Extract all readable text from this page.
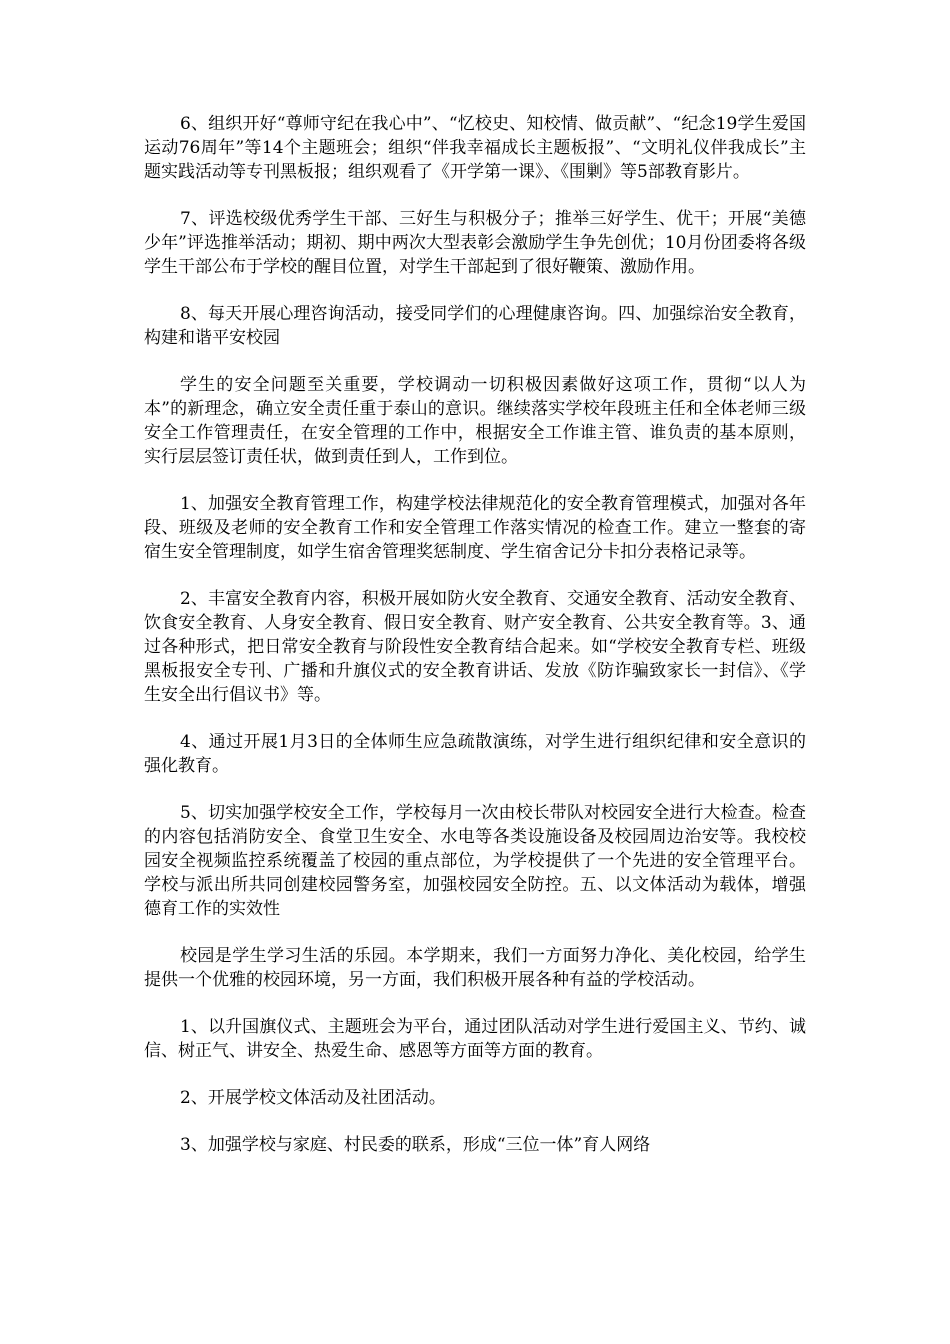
6、组织开好“尊师守纪在我心中”、“忆校史、知校情、做贡献”、“纪念19学生爱国运动76周年”等14个主题班会；组织“伴我幸福成长主题板报”、“文明礼仪伴我成长”主题实践活动等专刊黑板报；组织观看了《开学第一课》、《围剿》等5部教育影片。

7、评选校级优秀学生干部、三好生与积极分子；推举三好学生、优干；开展“美德少年”评选推举活动；期初、期中两次大型表彰会激励学生争先创优；10月份团委将各级学生干部公布于学校的醒目位置，对学生干部起到了很好鞭策、激励作用。

8、每天开展心理咨询活动，接受同学们的心理健康咨询。四、加强综治安全教育，构建和谐平安校园

学生的安全问题至关重要，学校调动一切积极因素做好这项工作，贯彻“以人为本”的新理念，确立安全责任重于泰山的意识。继续落实学校年段班主任和全体老师三级安全工作管理责任，在安全管理的工作中，根据安全工作谁主管、谁负责的基本原则，实行层层签订责任状，做到责任到人，工作到位。

1、加强安全教育管理工作，构建学校法律规范化的安全教育管理模式，加强对各年段、班级及老师的安全教育工作和安全管理工作落实情况的检查工作。建立一整套的寄宿生安全管理制度，如学生宿舍管理奖惩制度、学生宿舍记分卡扣分表格记录等。

2、丰富安全教育内容，积极开展如防火安全教育、交通安全教育、活动安全教育、饮食安全教育、人身安全教育、假日安全教育、财产安全教育、公共安全教育等。3、通过各种形式，把日常安全教育与阶段性安全教育结合起来。如“学校安全教育专栏、班级黑板报安全专刊、广播和升旗仪式的安全教育讲话、发放《防诈骗致家长一封信》、《学生安全出行倡议书》等。

4、通过开展1月3日的全体师生应急疏散演练，对学生进行组织纪律和安全意识的强化教育。

5、切实加强学校安全工作，学校每月一次由校长带队对校园安全进行大检查。检查的内容包括消防安全、食堂卫生安全、水电等各类设施设备及校园周边治安等。我校校园安全视频监控系统覆盖了校园的重点部位，为学校提供了一个先进的安全管理平台。学校与派出所共同创建校园警务室，加强校园安全防控。五、以文体活动为载体，增强德育工作的实效性

校园是学生学习生活的乐园。本学期来，我们一方面努力净化、美化校园，给学生提供一个优雅的校园环境，另一方面，我们积极开展各种有益的学校活动。

1、以升国旗仪式、主题班会为平台，通过团队活动对学生进行爱国主义、节约、诚信、树正气、讲安全、热爱生命、感恩等方面等方面的教育。

2、开展学校文体活动及社团活动。

3、加强学校与家庭、村民委的联系，形成“三位一体”育人网络
